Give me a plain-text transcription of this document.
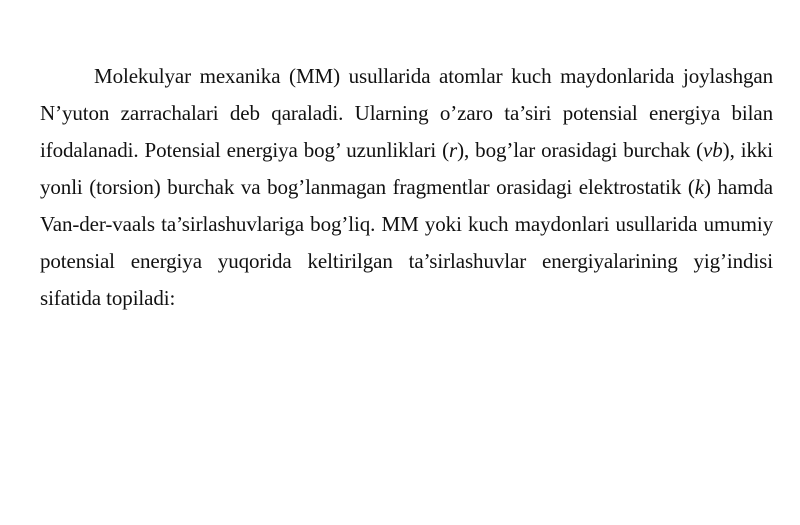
Molekulyar mexanika (MM) usullarida atomlar kuch maydonlarida joylashgan N’yuton zarrachalari deb qaraladi. Ularning o’zaro ta’siri potensial energiya bilan ifodalanadi. Potensial energiya bog’ uzunliklari (r), bog’lar orasidagi burchak (vb), ikki yonli (torsion) burchak va bog’lanmagan fragmentlar orasidagi elektrostatik (k) hamda Van-der-vaals ta’sirlashuvlariga bog’liq. MM yoki kuch maydonlari usullarida umumiy potensial energiya yuqorida keltirilgan ta’sirlashuvlar energiyalarining yig’indisi sifatida topiladi:
